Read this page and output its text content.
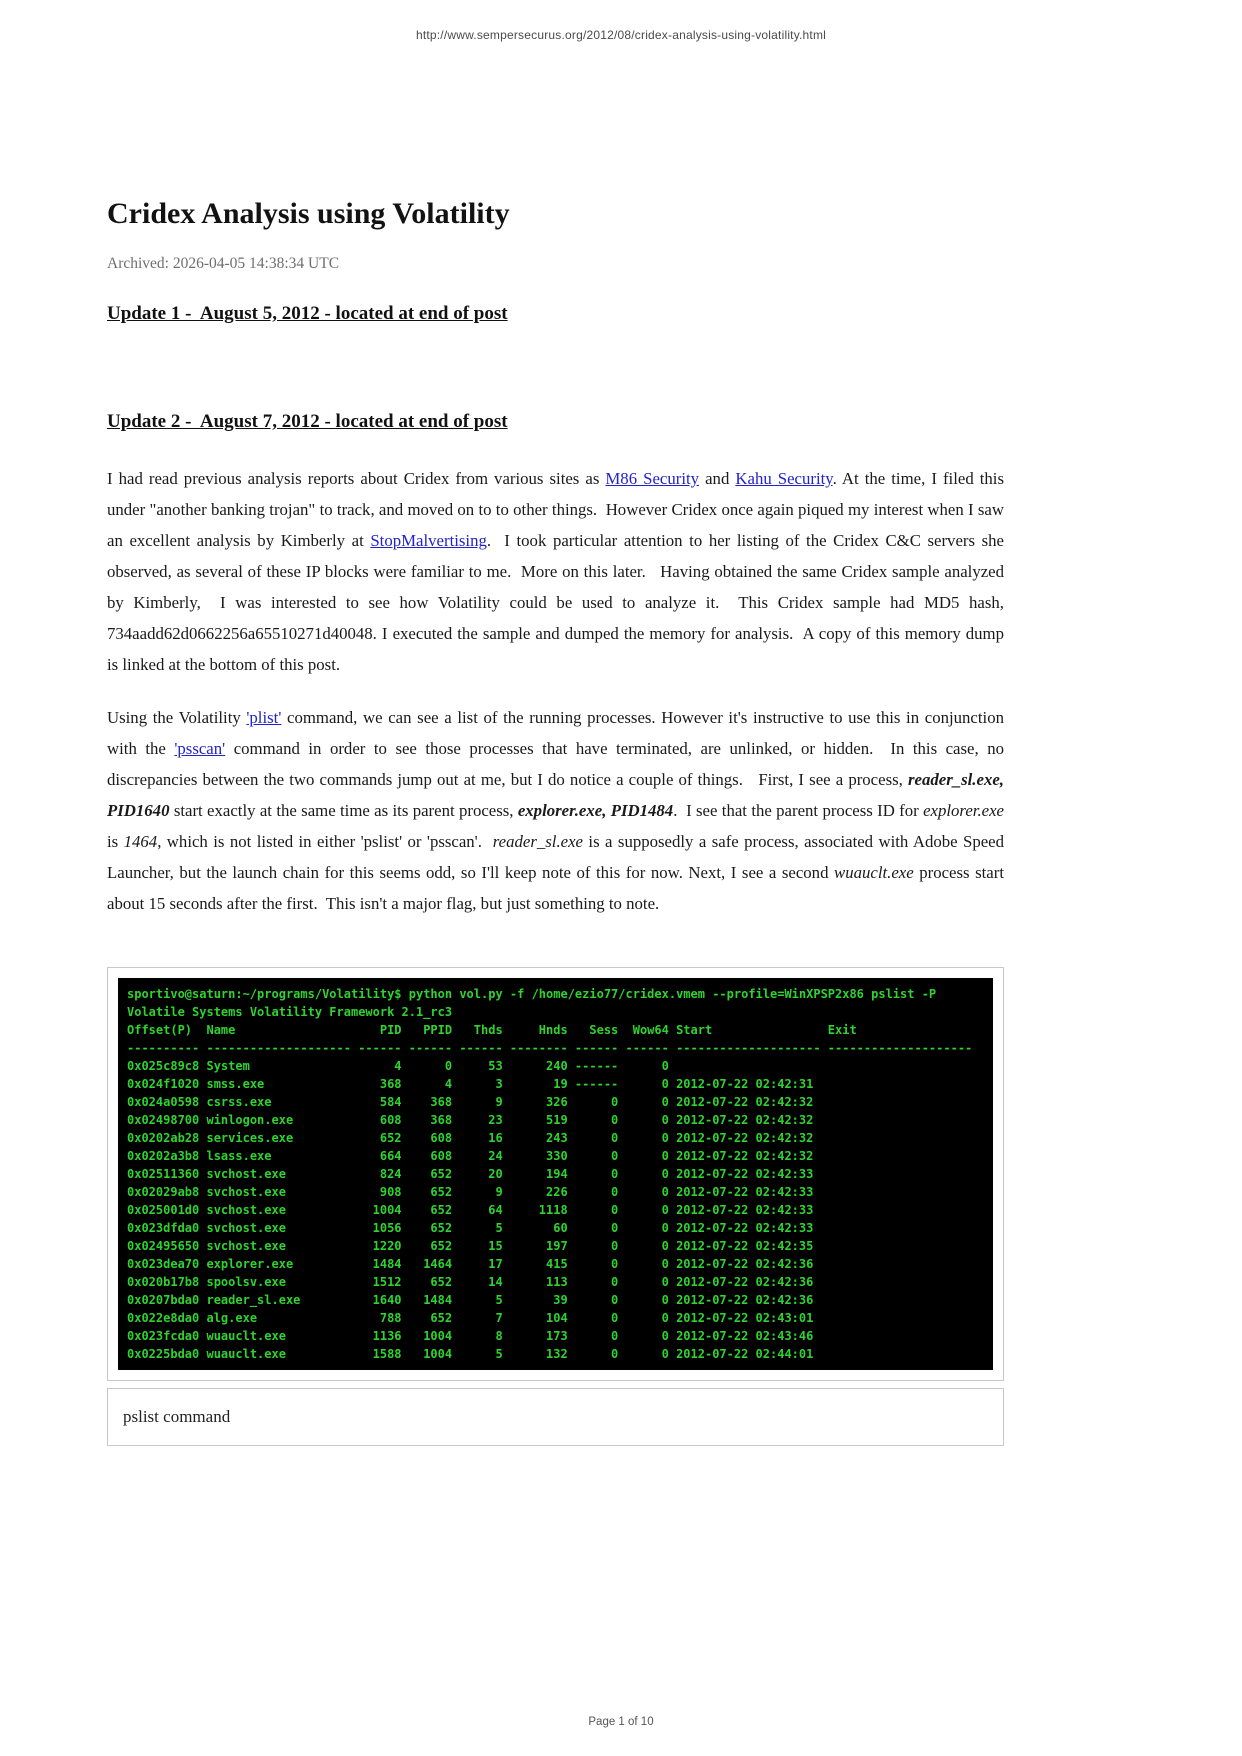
http://www.sempersecurus.org/2012/08/cridex-analysis-using-volatility.html
Cridex Analysis using Volatility
Archived: 2026-04-05 14:38:34 UTC
Update 1 -  August 5, 2012 - located at end of post
Update 2 -  August 7, 2012 - located at end of post

I had read previous analysis reports about Cridex from various sites as M86 Security and Kahu Security. At the time, I filed this under "another banking trojan" to track, and moved on to to other things.  However Cridex once again piqued my interest when I saw an excellent analysis by Kimberly at StopMalvertising.  I took particular attention to her listing of the Cridex C&C servers she observed, as several of these IP blocks were familiar to me.  More on this later.   Having obtained the same Cridex sample analyzed by Kimberly,  I was interested to see how Volatility could be used to analyze it.  This Cridex sample had MD5 hash, 734aadd62d0662256a65510271d40048. I executed the sample and dumped the memory for analysis.  A copy of this memory dump is linked at the bottom of this post.

Using the Volatility 'plist' command, we can see a list of the running processes. However it's instructive to use this in conjunction with the 'psscan' command in order to see those processes that have terminated, are unlinked, or hidden.  In this case, no discrepancies between the two commands jump out at me, but I do notice a couple of things.   First, I see a process, reader_sl.exe, PID1640 start exactly at the same time as its parent process, explorer.exe, PID1484.  I see that the parent process ID for explorer.exe is 1464, which is not listed in either 'pslist' or 'psscan'.  reader_sl.exe is a supposedly a safe process, associated with Adobe Speed Launcher, but the launch chain for this seems odd, so I'll keep note of this for now. Next, I see a second wuauclt.exe process start about 15 seconds after the first.  This isn't a major flag, but just something to note.

sportivo@saturn:~/programs/Volatility$ python vol.py -f /home/ezio77/cridex.vmem --profile=WinXPSP2x86 pslist -P
Volatile Systems Volatility Framework 2.1_rc3
Offset(P)  Name                    PID   PPID   Thds     Hnds   Sess  Wow64 Start                Exit
---------- -------------------- ------ ------ ------ -------- ------ ------ -------------------- --------------------
0x025c89c8 System                    4      0     53      240 ------      0
0x024f1020 smss.exe                368      4      3       19 ------      0 2012-07-22 02:42:31
0x024a0598 csrss.exe               584    368      9      326      0      0 2012-07-22 02:42:32
0x02498700 winlogon.exe            608    368     23      519      0      0 2012-07-22 02:42:32
0x0202ab28 services.exe            652    608     16      243      0      0 2012-07-22 02:42:32
0x0202a3b8 lsass.exe               664    608     24      330      0      0 2012-07-22 02:42:32
0x02511360 svchost.exe             824    652     20      194      0      0 2012-07-22 02:42:33
0x02029ab8 svchost.exe             908    652      9      226      0      0 2012-07-22 02:42:33
0x025001d0 svchost.exe            1004    652     64     1118      0      0 2012-07-22 02:42:33
0x023dfda0 svchost.exe            1056    652      5       60      0      0 2012-07-22 02:42:33
0x02495650 svchost.exe            1220    652     15      197      0      0 2012-07-22 02:42:35
0x023dea70 explorer.exe           1484   1464     17      415      0      0 2012-07-22 02:42:36
0x020b17b8 spoolsv.exe            1512    652     14      113      0      0 2012-07-22 02:42:36
0x0207bda0 reader_sl.exe          1640   1484      5       39      0      0 2012-07-22 02:42:36
0x022e8da0 alg.exe                 788    652      7      104      0      0 2012-07-22 02:43:01
0x023fcda0 wuauclt.exe            1136   1004      8      173      0      0 2012-07-22 02:43:46
0x0225bda0 wuauclt.exe            1588   1004      5      132      0      0 2012-07-22 02:44:01
pslist command
Page 1 of 10
